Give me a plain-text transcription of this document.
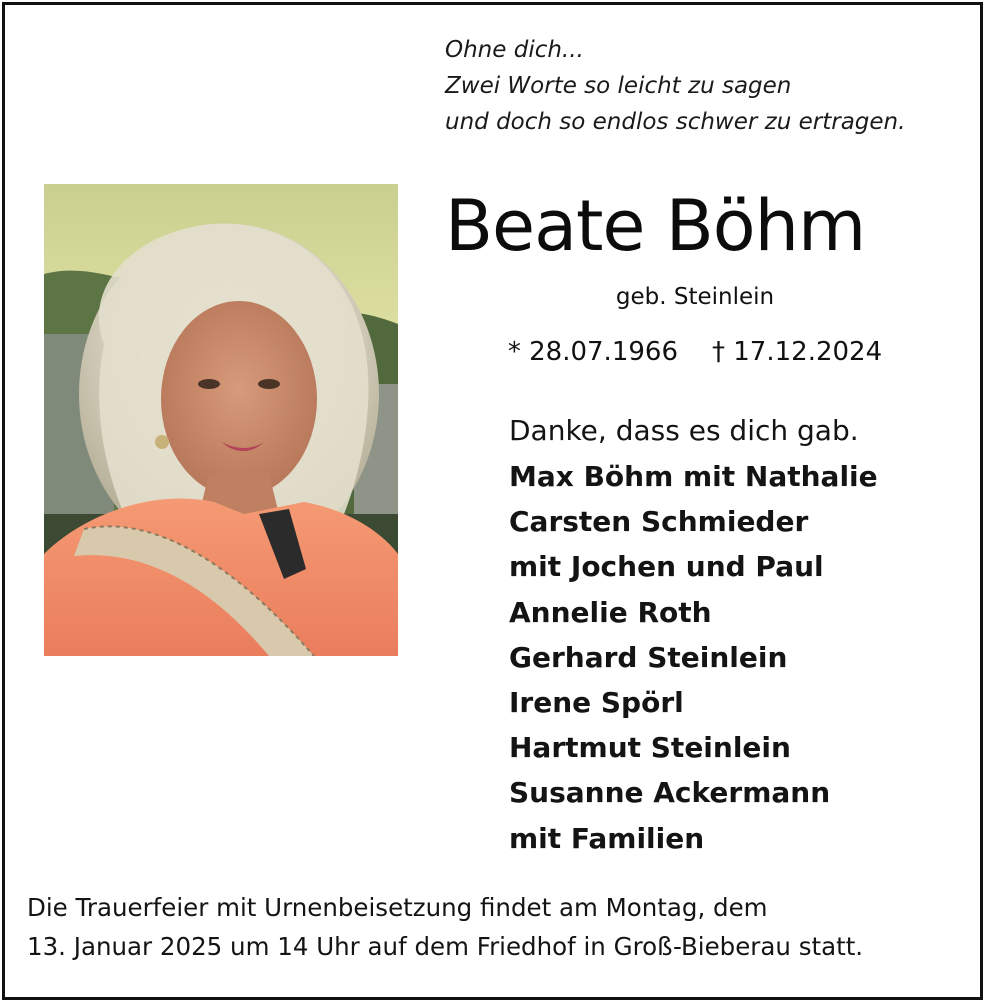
Ohne dich...
Zwei Worte so leicht zu sagen
und doch so endlos schwer zu ertragen.
Beate Böhm
geb. Steinlein
* 28.07.1966 † 17.12.2024
Danke, dass es dich gab.
Max Böhm mit Nathalie
Carsten Schmieder
mit Jochen und Paul
Annelie Roth
Gerhard Steinlein
Irene Spörl
Hartmut Steinlein
Susanne Ackermann
mit Familien
Die Trauerfeier mit Urnenbeisetzung findet am Montag, dem
13. Januar 2025 um 14 Uhr auf dem Friedhof in Groß-Bieberau statt.
